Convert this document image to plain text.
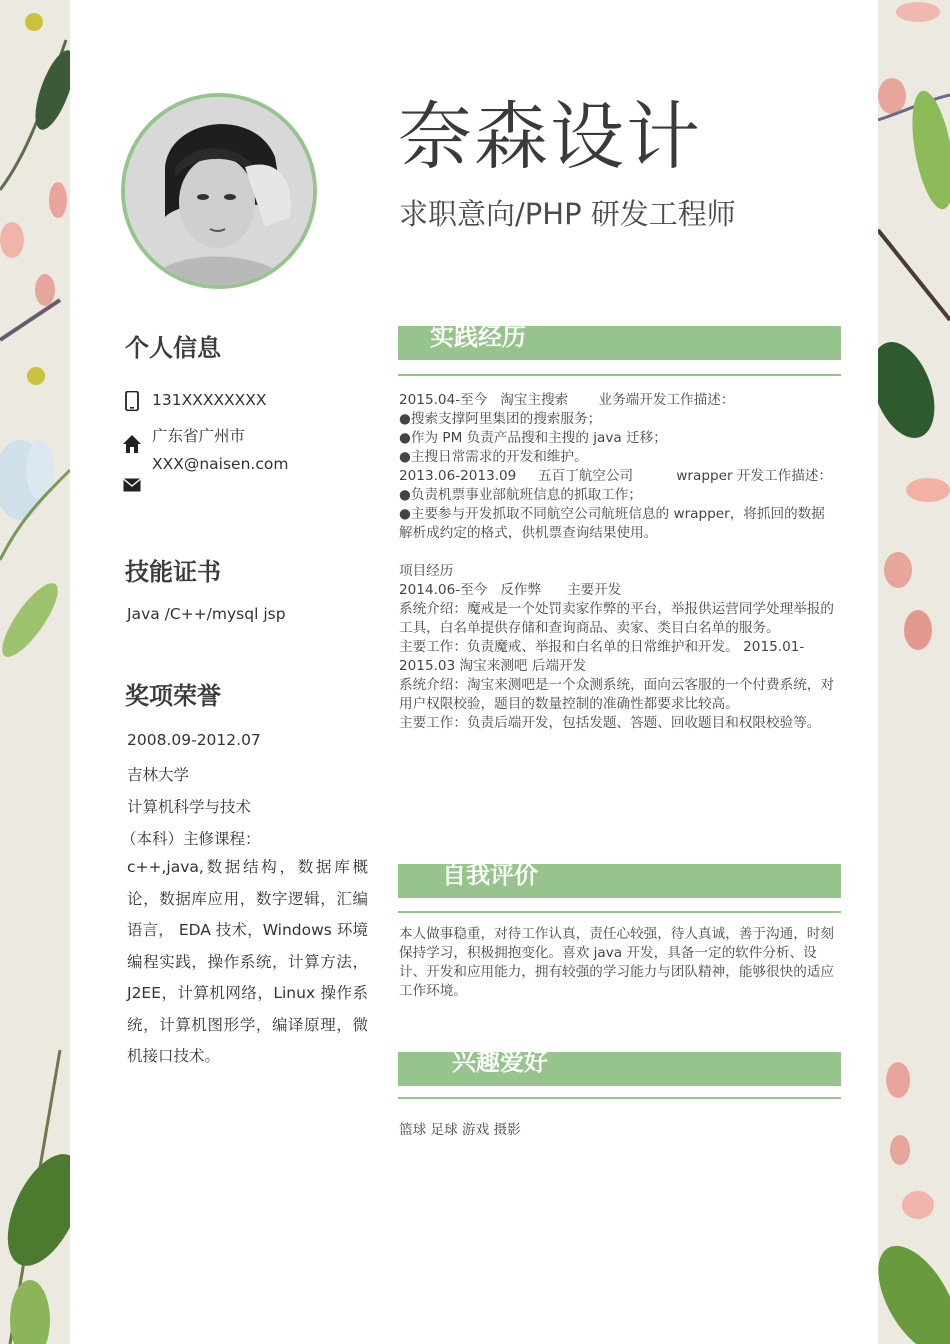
奈森设计
求职意向/PHP 研发工程师
个人信息
131XXXXXXXX
广东省广州市
XXX@naisen.com
技能证书
Java /C++/mysql jsp
奖项荣誉
2008.09-2012.07
吉林大学
计算机科学与技术
（本科）主修课程：
c++,java,数据结构，数据库概论，数据库应用，数字逻辑，汇编语言， EDA 技术，Windows 环境编程实践，操作系统，计算方法，J2EE，计算机网络，Linux 操作系统，计算机图形学，编译原理，微机接口技术。
实践经历

2015.04-至今   淘宝主搜索       业务端开发工作描述：

●搜索支撑阿里集团的搜索服务；

●作为 PM 负责产品搜和主搜的 java 迁移；

●主搜日常需求的开发和维护。

2013.06-2013.09     五百丁航空公司          wrapper 开发工作描述：

●负责机票事业部航班信息的抓取工作；

●主要参与开发抓取不同航空公司航班信息的 wrapper，将抓回的数据解析成约定的格式，供机票查询结果使用。

项目经历

2014.06-至今   反作弊      主要开发

系统介绍：魔戒是一个处罚卖家作弊的平台，举报供运营同学处理举报的工具，白名单提供存储和查询商品、卖家、类目白名单的服务。

主要工作：负责魔戒、举报和白名单的日常维护和开发。 2015.01-2015.03 淘宝来测吧 后端开发

系统介绍：淘宝来测吧是一个众测系统，面向云客服的一个付费系统，对用户权限校验，题目的数量控制的准确性都要求比较高。

主要工作：负责后端开发，包括发题、答题、回收题目和权限校验等。

自我评价
本人做事稳重，对待工作认真，责任心较强，待人真诚，善于沟通，时刻保持学习，积极拥抱变化。喜欢 java 开发，具备一定的软件分析、设计、开发和应用能力，拥有较强的学习能力与团队精神，能够很快的适应工作环境。
兴趣爱好
篮球 足球 游戏 摄影
